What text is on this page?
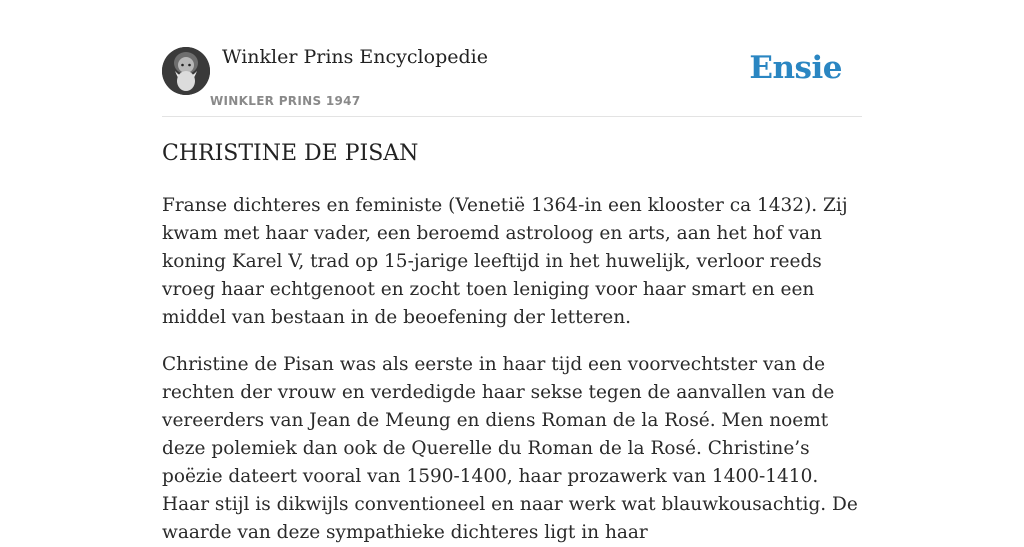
Winkler Prins Encyclopedie
WINKLER PRINS 1947
Ensie
CHRISTINE DE PISAN

Franse dichteres en feministe (Venetië 1364-in een klooster ca 1432). Zij kwam met haar vader, een beroemd astroloog en arts, aan het hof van koning Karel V, trad op 15-jarige leeftijd in het huwelijk, verloor reeds vroeg haar echtgenoot en zocht toen leniging voor haar smart en een middel van bestaan in de beoefening der letteren.

Christine de Pisan was als eerste in haar tijd een voorvechtster van de rechten der vrouw en verdedigde haar sekse tegen de aanvallen van de vereerders van Jean de Meung en diens Roman de la Rosé. Men noemt deze polemiek dan ook de Querelle du Roman de la Rosé. Christine’s poëzie dateert vooral van 1590-1400, haar prozawerk van 1400-1410. Haar stijl is dikwijls conventioneel en naar werk wat blauwkousachtig. De waarde van deze sympathieke dichteres ligt in haar
